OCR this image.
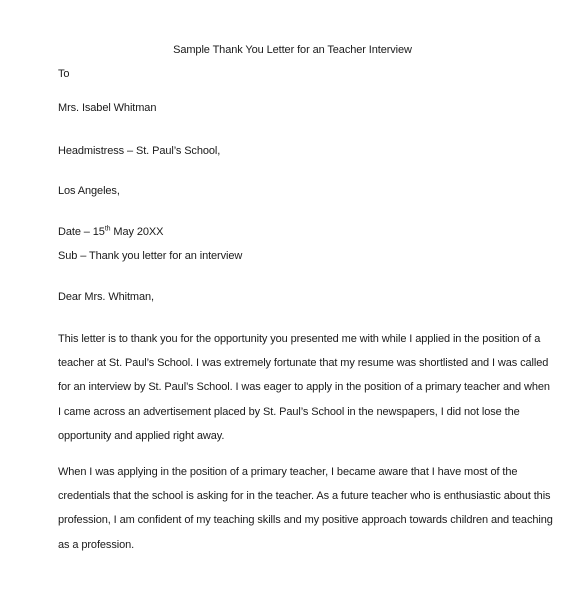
Sample Thank You Letter for an Teacher Interview
To
Mrs. Isabel Whitman
Headmistress – St. Paul’s School,
Los Angeles,
Date – 15th May 20XX
Sub – Thank you letter for an interview
Dear Mrs. Whitman,
This letter is to thank you for the opportunity you presented me with while I applied in the position of a
teacher at St. Paul’s School. I was extremely fortunate that my resume was shortlisted and I was called
for an interview by St. Paul’s School. I was eager to apply in the position of a primary teacher and when
I came across an advertisement placed by St. Paul’s School in the newspapers, I did not lose the
opportunity and applied right away.
When I was applying in the position of a primary teacher, I became aware that I have most of the
credentials that the school is asking for in the teacher. As a future teacher who is enthusiastic about this
profession, I am confident of my teaching skills and my positive approach towards children and teaching
as a profession.
